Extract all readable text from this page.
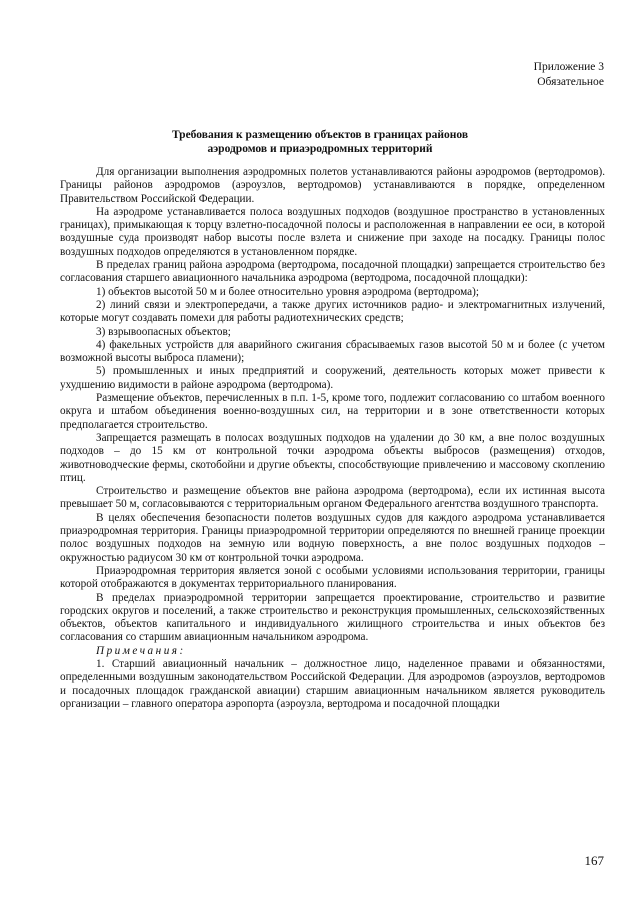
Приложение 3
Обязательное
Требования к размещению объектов в границах районов
аэродромов и приаэродромных территорий

Для организации выполнения аэродромных полетов устанавливаются районы аэродромов (вертодромов). Границы районов аэродромов (аэроузлов, вертодромов) устанавливаются в порядке, определенном Правительством Российской Федерации.

На аэродроме устанавливается полоса воздушных подходов (воздушное пространство в установленных границах), примыкающая к торцу взлетно-посадочной полосы и расположенная в направлении ее оси, в которой воздушные суда производят набор высоты после взлета и снижение при заходе на посадку. Границы полос воздушных подходов определяются в установленном порядке.

В пределах границ района аэродрома (вертодрома, посадочной площадки) запрещается строительство без согласования старшего авиационного начальника аэродрома (вертодрома, посадочной площадки):

1) объектов высотой 50 м и более относительно уровня аэродрома (вертодрома);

2) линий связи и электропередачи, а также других источников радио- и электромагнитных излучений, которые могут создавать помехи для работы радиотехнических средств;

3) взрывоопасных объектов;

4) факельных устройств для аварийного сжигания сбрасываемых газов высотой 50 м и более (с учетом возможной высоты выброса пламени);

5) промышленных и иных предприятий и сооружений, деятельность которых может привести к ухудшению видимости в районе аэродрома (вертодрома).

Размещение объектов, перечисленных в п.п. 1-5, кроме того, подлежит согласованию со штабом военного округа и штабом объединения военно-воздушных сил, на территории и в зоне ответственности которых предполагается строительство.

Запрещается размещать в полосах воздушных подходов на удалении до 30 км, а вне полос воздушных подходов – до 15 км от контрольной точки аэродрома объекты выбросов (размещения) отходов, животноводческие фермы, скотобойни и другие объекты, способствующие привлечению и массовому скоплению птиц.

Строительство и размещение объектов вне района аэродрома (вертодрома), если их истинная высота превышает 50 м, согласовываются с территориальным органом Федерального агентства воздушного транспорта.

В целях обеспечения безопасности полетов воздушных судов для каждого аэродрома устанавливается приаэродромная территория. Границы приаэродромной территории определяются по внешней границе проекции полос воздушных подходов на земную или водную поверхность, а вне полос воздушных подходов – окружностью радиусом 30 км от контрольной точки аэродрома.

Приаэродромная территория является зоной с особыми условиями использования территории, границы которой отображаются в документах территориального планирования.

В пределах приаэродромной территории запрещается проектирование, строительство и развитие городских округов и поселений, а также строительство и реконструкция промышленных, сельскохозяйственных объектов, объектов капитального и индивидуального жилищного строительства и иных объектов без согласования со старшим авиационным начальником аэродрома.

Примечания:

1. Старший авиационный начальник – должностное лицо, наделенное правами и обязанностями, определенными воздушным законодательством Российской Федерации. Для аэродромов (аэроузлов, вертодромов и посадочных площадок гражданской авиации) старшим авиационным начальником является руководитель организации – главного оператора аэропорта (аэроузла, вертодрома и посадочной площадки

167
